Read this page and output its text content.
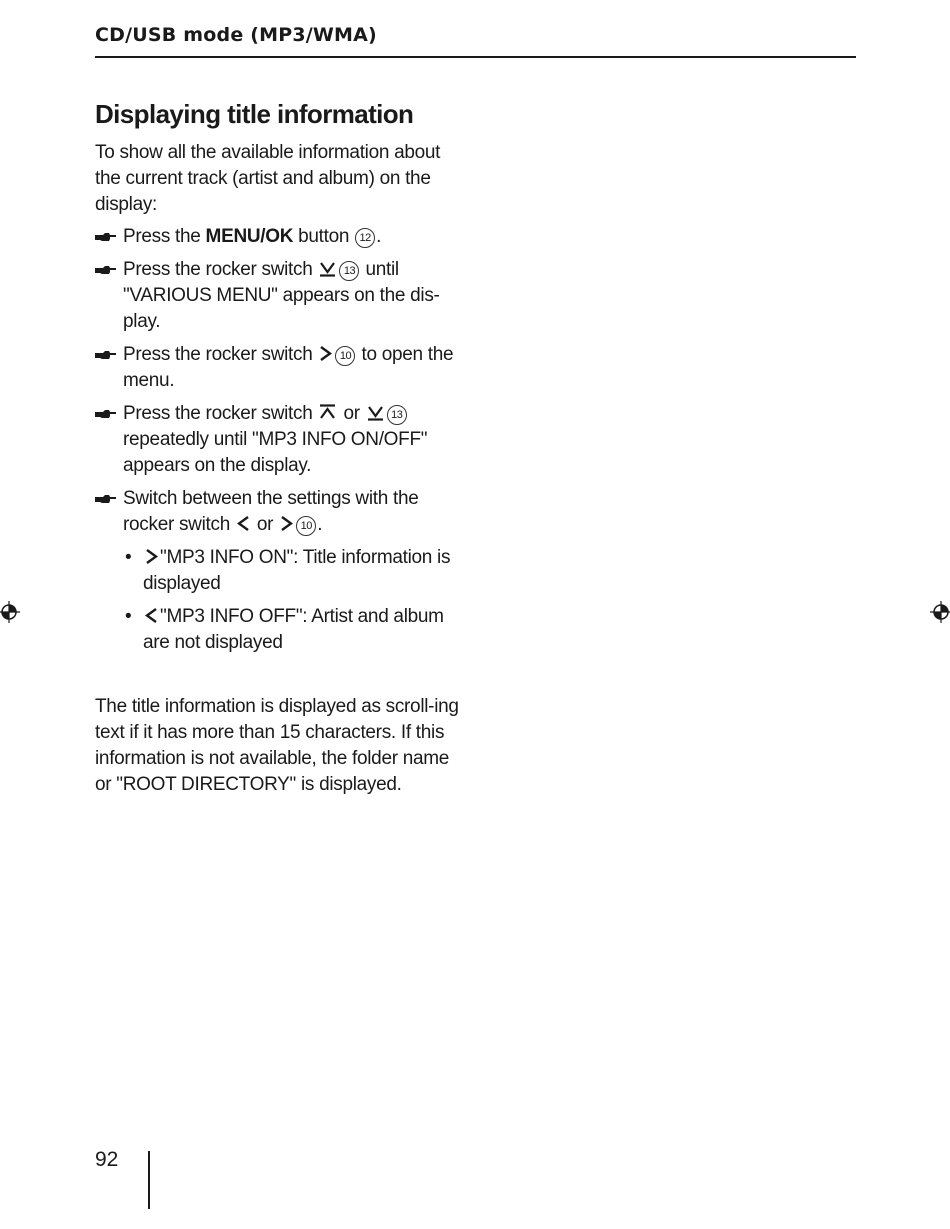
CD/USB mode (MP3/WMA)
Displaying title information

To show all the available information about the current track (artist and album) on the display:

Press the MENU/OK button 12 .
Press the rocker switch
13 until "VARIOUS MENU" appears on the dis-play.
Press the rocker switch
10 to open the menu.
Press the rocker switch
or
13 repeatedly until "MP3 INFO ON/OFF" appears on the display.
Switch between the settings with the rocker switch
or
10 .
• "MP3 INFO ON": Title information is displayed
• "MP3 INFO OFF": Artist and album are not displayed

The title information is displayed as scroll-ing text if it has more than 15 characters. If this information is not available, the folder name or "ROOT DIRECTORY" is displayed.

92
